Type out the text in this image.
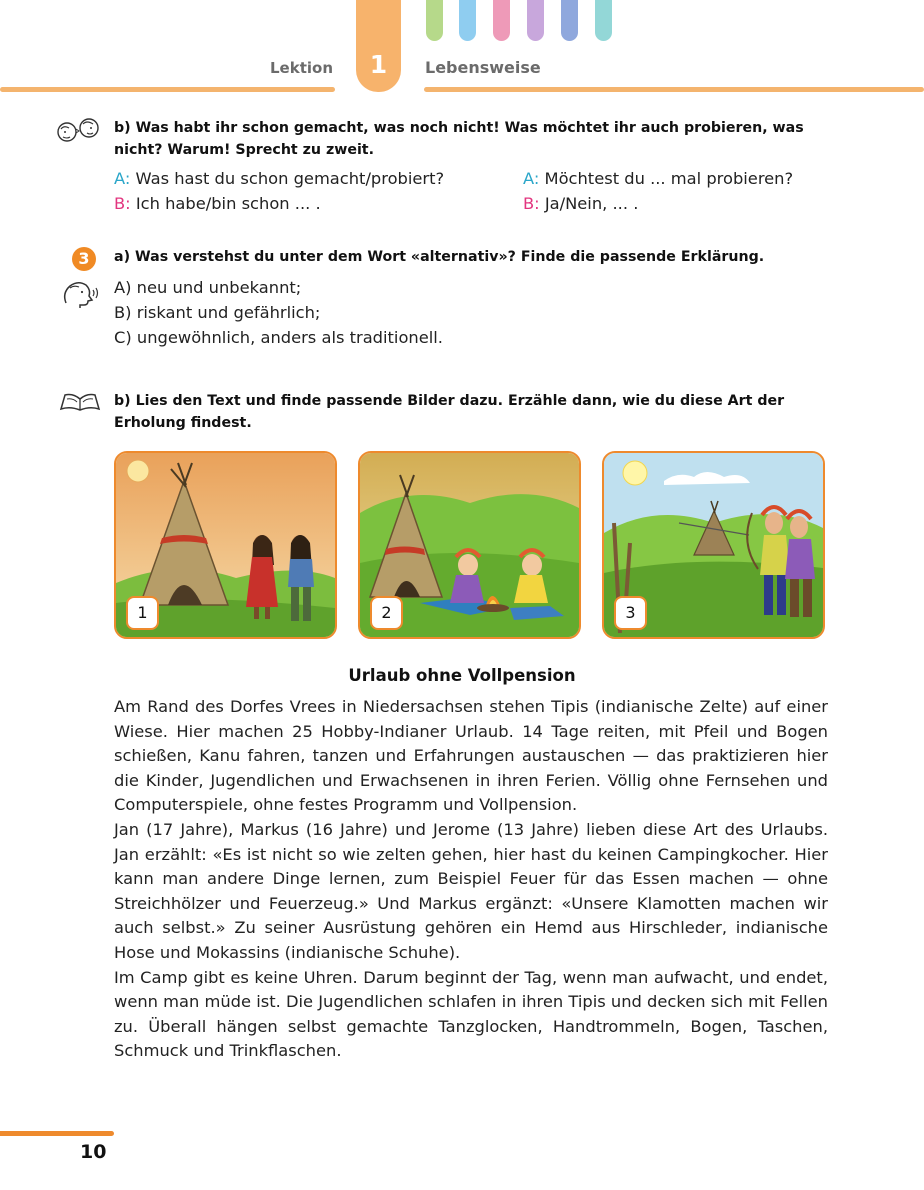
1
Lektion	Lebensweise
b) Was habt ihr schon gemacht, was noch nicht! Was möchtet ihr auch probieren, was nicht? Warum! Sprecht zu zweit.
A: Was hast du schon gemacht/probiert?
B: Ich habe/bin schon ... .
A: Möchtest du ... mal probieren?
B: Ja/Nein, ... .
3	a) Was verstehst du unter dem Wort «alternativ»? Finde die passende Erklärung.
A) neu und unbekannt;
B) riskant und gefährlich;
C) ungewöhnlich, anders als traditionell.
b) Lies den Text und finde passende Bilder dazu. Erzähle dann, wie du diese Art der Erholung findest.
1	2	3
Urlaub ohne Vollpension

Am Rand des Dorfes Vrees in Niedersachsen stehen Tipis (indianische Zelte) auf einer Wiese. Hier machen 25 Hobby-Indianer Urlaub. 14 Tage reiten, mit Pfeil und Bogen schießen, Kanu fahren, tanzen und Erfahrungen austauschen — das praktizieren hier die Kinder, Jugendlichen und Erwachsenen in ihren Ferien. Völlig ohne Fernsehen und Computerspiele, ohne festes Programm und Vollpension.

Jan (17 Jahre), Markus (16 Jahre) und Jerome (13 Jahre) lieben diese Art des Urlaubs. Jan erzählt: «Es ist nicht so wie zelten gehen, hier hast du keinen Campingkocher. Hier kann man andere Dinge lernen, zum Beispiel Feuer für das Essen machen — ohne Streichhölzer und Feuerzeug.» Und Markus ergänzt: «Unsere Klamotten machen wir auch selbst.» Zu seiner Ausrüstung gehören ein Hemd aus Hirschleder, indianische Hose und Mokassins (indianische Schuhe).

Im Camp gibt es keine Uhren. Darum beginnt der Tag, wenn man aufwacht, und endet, wenn man müde ist. Die Jugendlichen schlafen in ihren Tipis und decken sich mit Fellen zu. Überall hängen selbst gemachte Tanzglocken, Handtrommeln, Bogen, Taschen, Schmuck und Trinkflaschen.

10
